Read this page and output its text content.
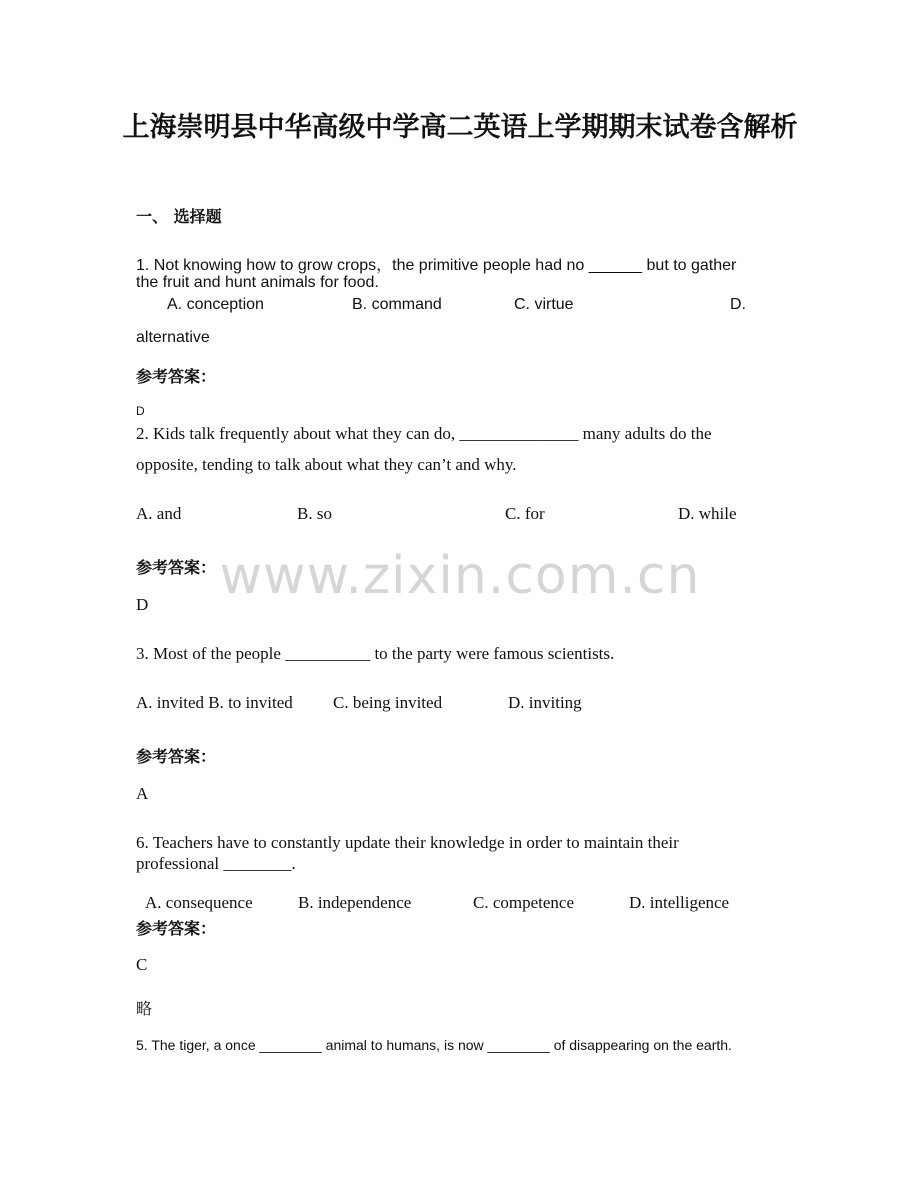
上海崇明县中华高级中学高二英语上学期期末试卷含解析
www.zixin.com.cn
一、 选择题
1. Not knowing how to grow crops，the primitive people had no ______ but to gather
the fruit and hunt animals for food.
A. conception	B. command	C. virtue	D.
alternative
参考答案：
D
2. Kids talk frequently about what they can do, ______________ many adults do the
opposite, tending to talk about what they can’t and why.
A. and	B. so	C. for	D. while
参考答案：
D
3. Most of the people __________ to the party were famous scientists.
A. invited B. to invited C. being invited	D. inviting
参考答案：
A
6. Teachers have to constantly update their knowledge in order to maintain their
professional ________.
A. consequence	B. independence	C. competence	D. intelligence
参考答案：
C
略
5. The tiger, a once ________ animal to humans, is now ________ of disappearing on the earth.
